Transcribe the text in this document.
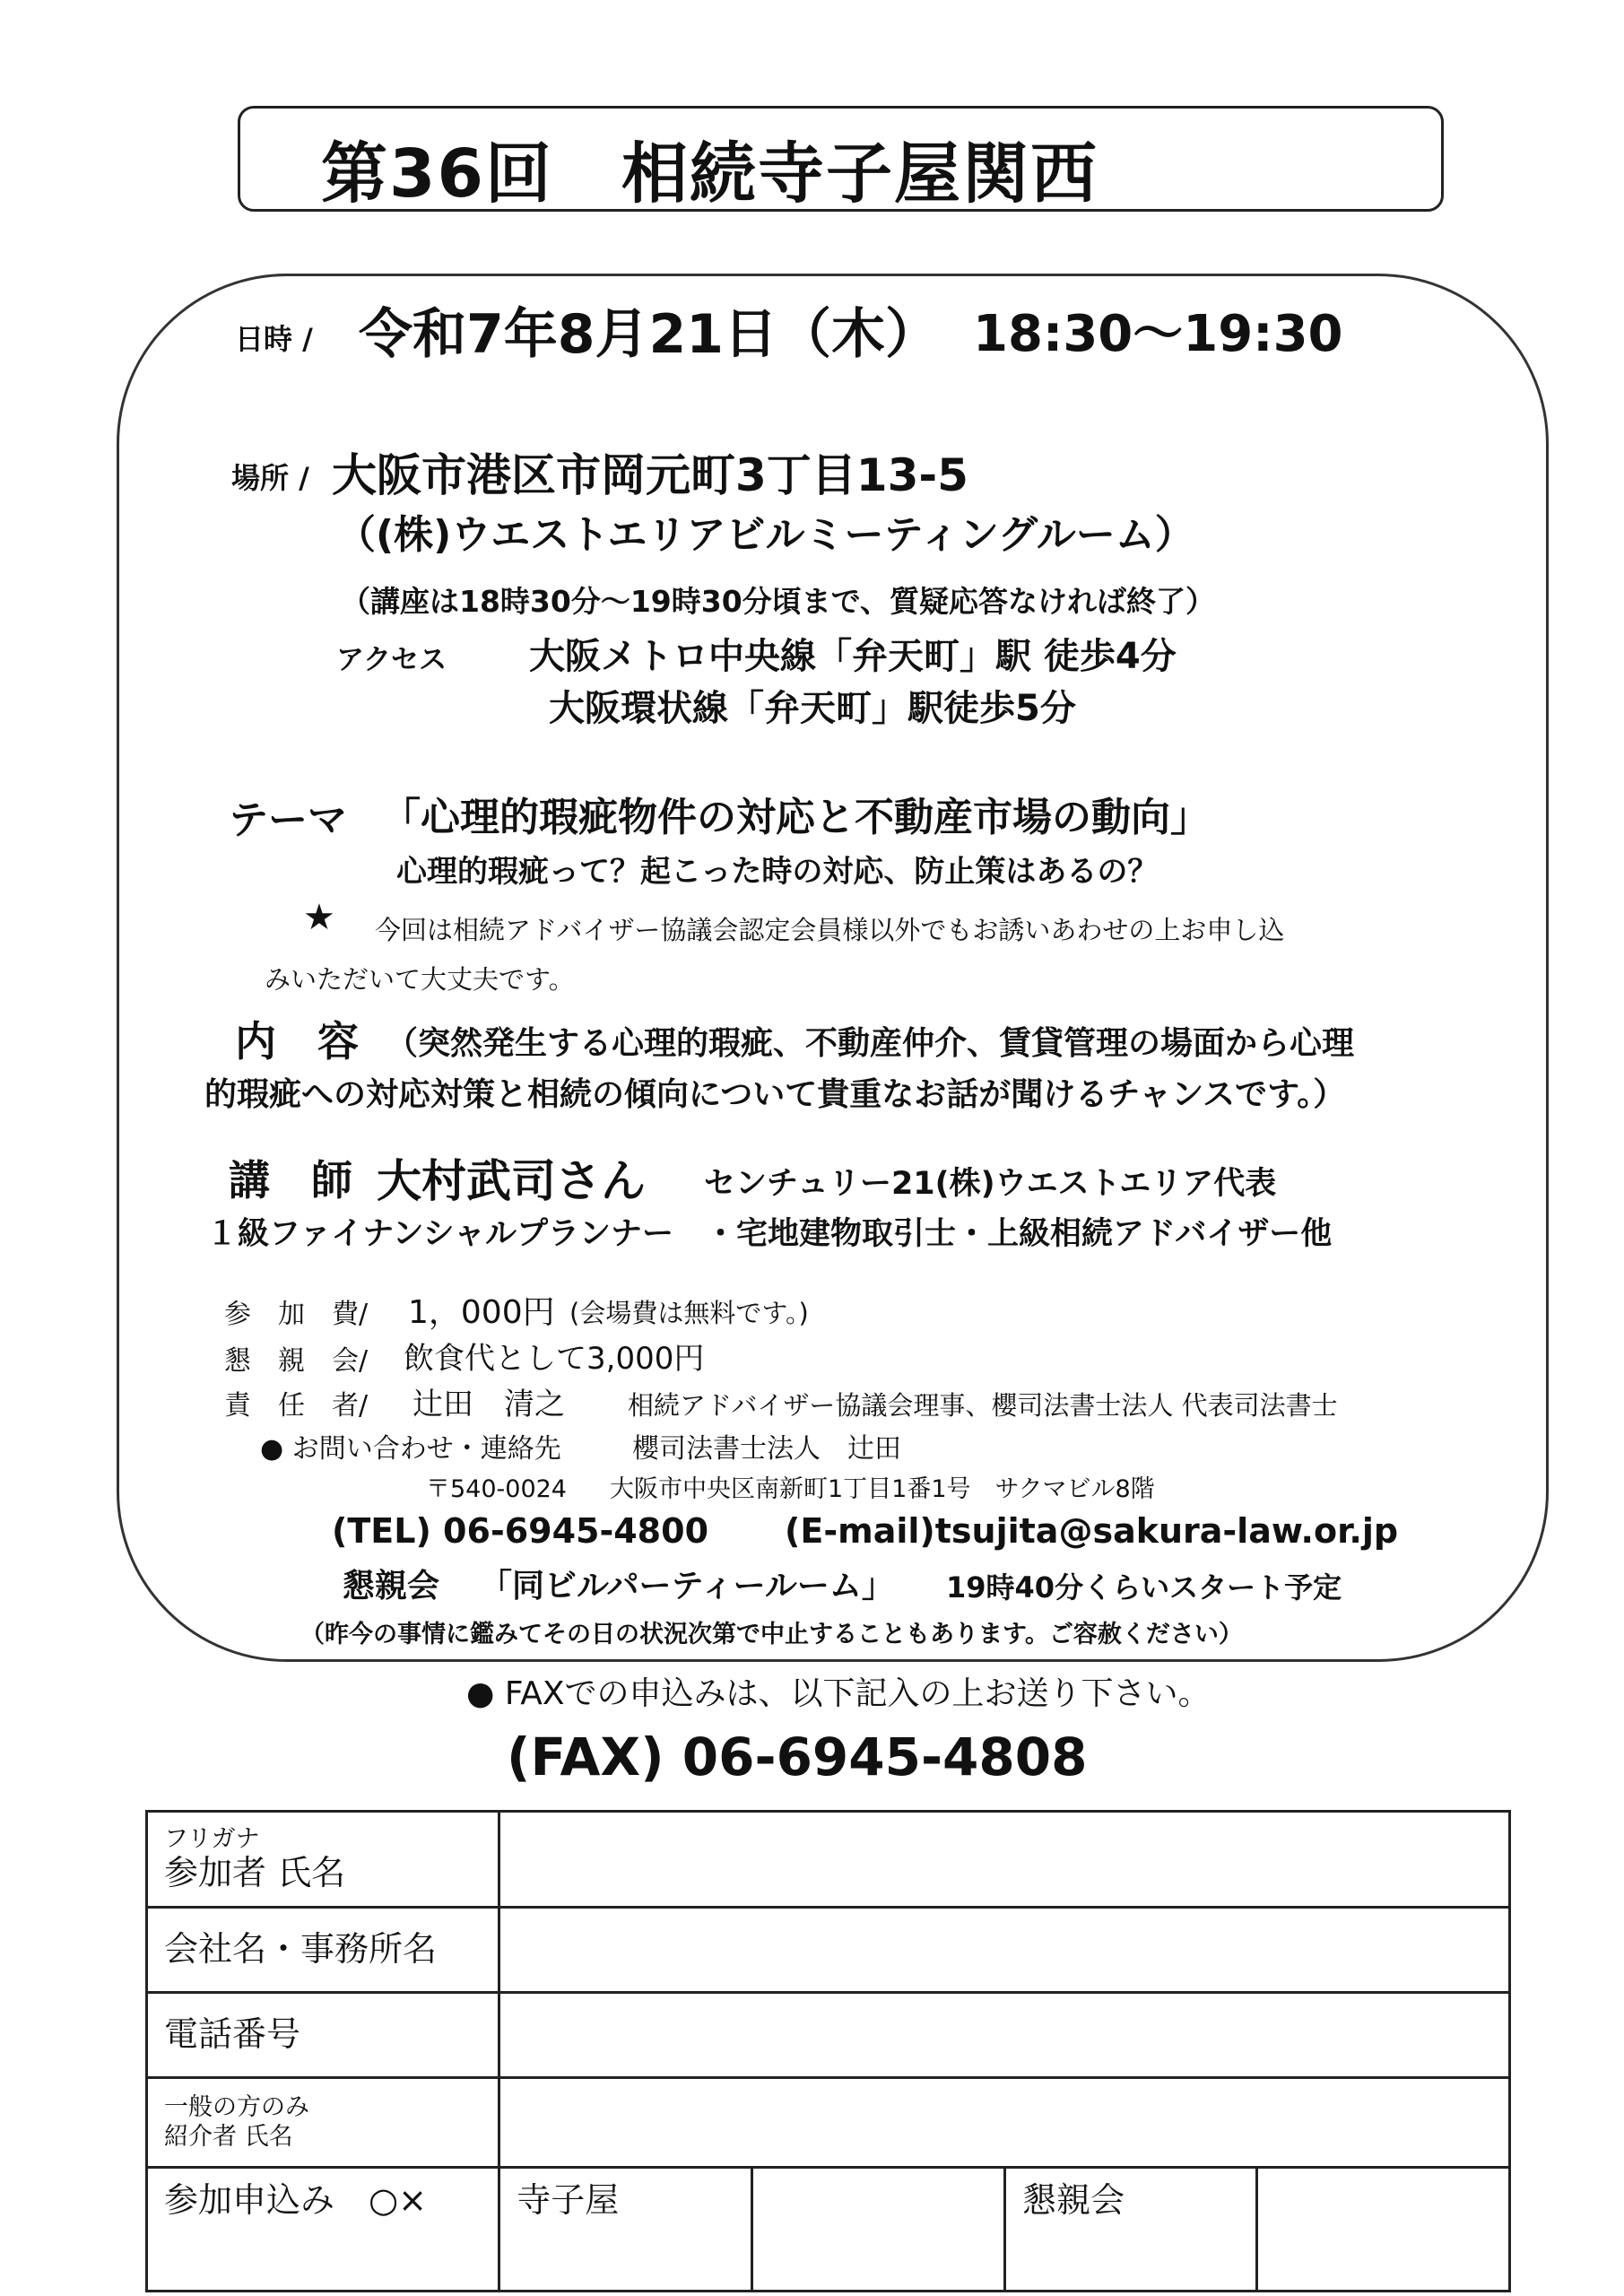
第36回　相続寺子屋関西
日時 / 令和7年8月21日（木） 18:30〜19:30
場所 / 大阪市港区市岡元町3丁目13-5
（(株)ウエストエリアビルミーティングルーム）
（講座は18時30分〜19時30分頃まで、質疑応答なければ終了）
アクセス 大阪メトロ中央線「弁天町」駅 徒歩4分
大阪環状線「弁天町」駅徒歩5分
テーマ 「心理的瑕疵物件の対応と不動産市場の動向」
心理的瑕疵って？起こった時の対応、防止策はあるの？
★ 今回は相続アドバイザー協議会認定会員様以外でもお誘いあわせの上お申し込
みいただいて大丈夫です。
内　容 （突然発生する心理的瑕疵、不動産仲介、賃貸管理の場面から心理
的瑕疵への対応対策と相続の傾向について貴重なお話が聞けるチャンスです。）
講　師 大村武司さん センチュリー21(株)ウエストエリア代表
１級ファイナンシャルプランナー　・宅地建物取引士・上級相続アドバイザー他
参　加　費/ 1，000円 (会場費は無料です。)
懇　親　会/ 飲食代として3,000円
責　任　者/ 辻田　清之 相続アドバイザー協議会理事、櫻司法書士法人 代表司法書士
● お問い合わせ・連絡先	櫻司法書士法人　辻田
〒540-0024 大阪市中央区南新町1丁目1番1号　サクマビル8階
(TEL) 06-6945-4800 (E-mail)tsujita@sakura-law.or.jp
懇親会 「同ビルパーティールーム」 19時40分くらいスタート予定
（昨今の事情に鑑みてその日の状況次第で中止することもあります。ご容赦ください）
● FAXでの申込みは、以下記入の上お送り下さい。
(FAX) 06-6945-4808
フリガナ
参加者 氏名				

会社名・事務所名				

電話番号				

一般の方のみ
紹介者 氏名				

参加申込み　○×	寺子屋		懇親会	
